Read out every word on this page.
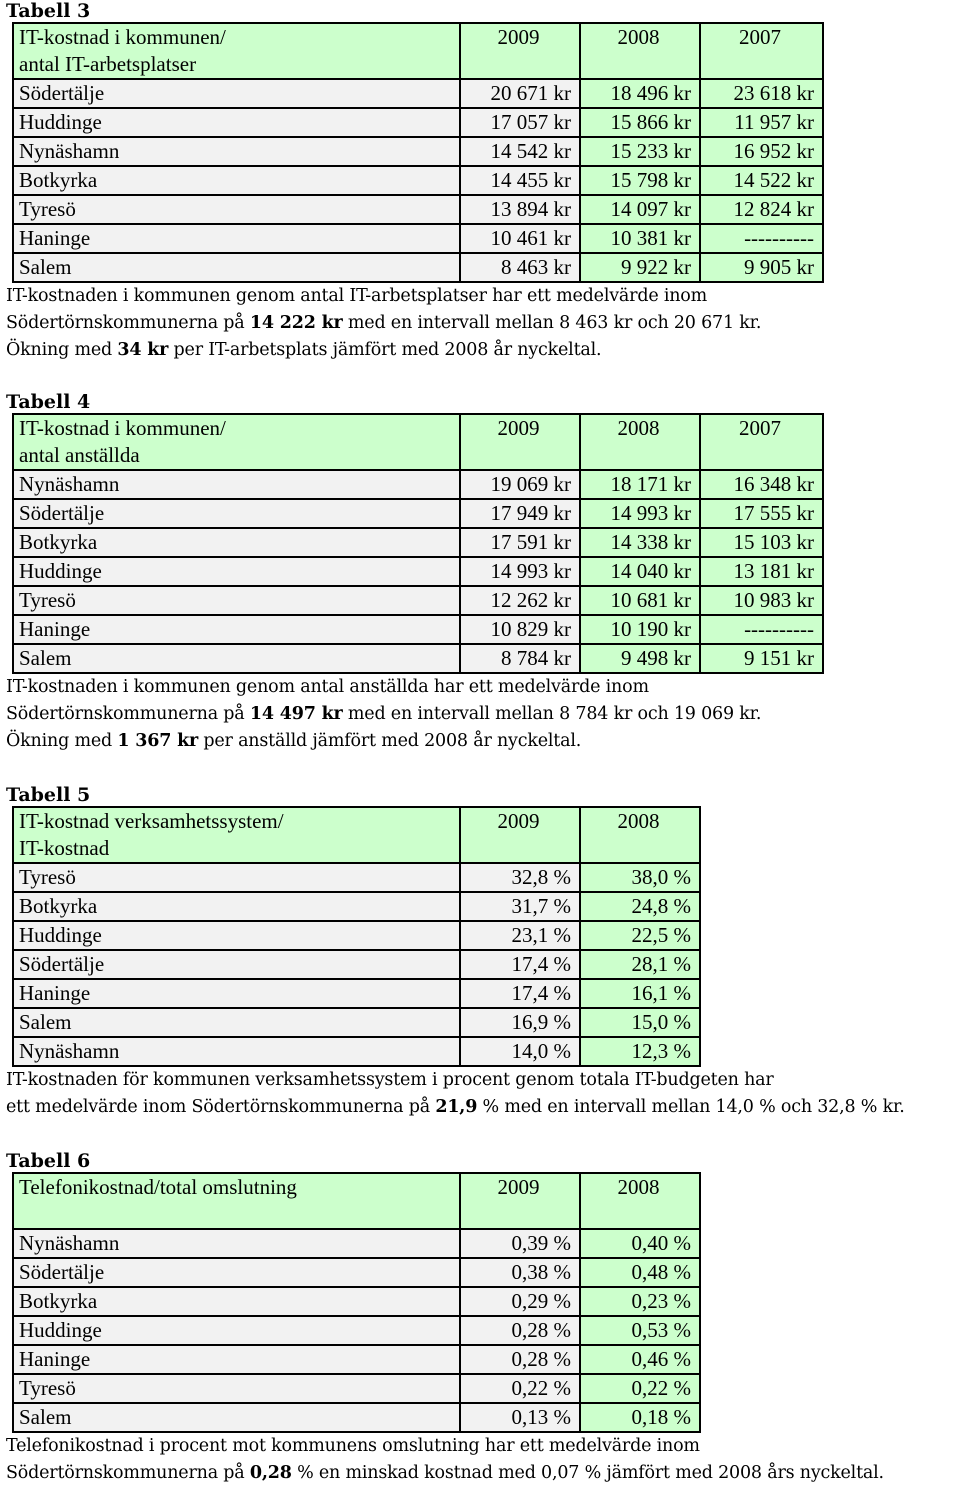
Tabell 3
IT-kostnad i kommunen/
antal IT-arbetsplatser	2009	2008	2007
Södertälje	20 671 kr	18 496 kr	23 618 kr
Huddinge	17 057 kr	15 866 kr	11 957 kr
Nynäshamn	14 542 kr	15 233 kr	16 952 kr
Botkyrka	14 455 kr	15 798 kr	14 522 kr
Tyresö	13 894 kr	14 097 kr	12 824 kr
Haninge	10 461 kr	10 381 kr	----------
Salem	8 463 kr	9 922 kr	9 905 kr
IT-kostnaden i kommunen genom antal IT-arbetsplatser har ett medelvärde inom
Södertörnskommunerna på 14 222 kr med en intervall mellan 8 463 kr och 20 671 kr.
Ökning med 34 kr per IT-arbetsplats jämfört med 2008 år nyckeltal.
Tabell 4
IT-kostnad i kommunen/
antal anställda	2009	2008	2007
Nynäshamn	19 069 kr	18 171 kr	16 348 kr
Södertälje	17 949 kr	14 993 kr	17 555 kr
Botkyrka	17 591 kr	14 338 kr	15 103 kr
Huddinge	14 993 kr	14 040 kr	13 181 kr
Tyresö	12 262 kr	10 681 kr	10 983 kr
Haninge	10 829 kr	10 190 kr	----------
Salem	8 784 kr	9 498 kr	9 151 kr
IT-kostnaden i kommunen genom antal anställda har ett medelvärde inom
Södertörnskommunerna på 14 497 kr med en intervall mellan 8 784 kr och 19 069 kr.
Ökning med 1 367 kr per anställd jämfört med 2008 år nyckeltal.
Tabell 5
IT-kostnad verksamhetssystem/
IT-kostnad	2009	2008
Tyresö	32,8 %	38,0 %
Botkyrka	31,7 %	24,8 %
Huddinge	23,1 %	22,5 %
Södertälje	17,4 %	28,1 %
Haninge	17,4 %	16,1 %
Salem	16,9 %	15,0 %
Nynäshamn	14,0 %	12,3 %
IT-kostnaden för kommunen verksamhetssystem i procent genom totala IT-budgeten har
ett medelvärde inom Södertörnskommunerna på 21,9 % med en intervall mellan 14,0 % och 32,8 % kr.
Tabell 6
Telefonikostnad/total omslutning	2009	2008
Nynäshamn	0,39 %	0,40 %
Södertälje	0,38 %	0,48 %
Botkyrka	0,29 %	0,23 %
Huddinge	0,28 %	0,53 %
Haninge	0,28 %	0,46 %
Tyresö	0,22 %	0,22 %
Salem	0,13 %	0,18 %
Telefonikostnad i procent mot kommunens omslutning har ett medelvärde inom
Södertörnskommunerna på 0,28 % en minskad kostnad med 0,07 % jämfört med 2008 års nyckeltal.
